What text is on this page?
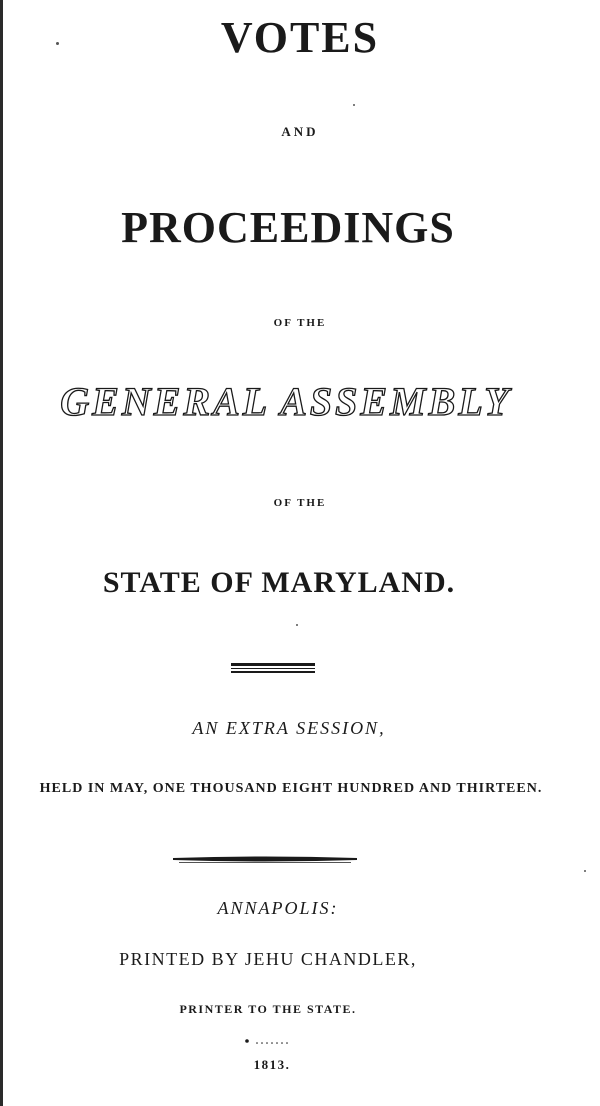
VOTES
AND
PROCEEDINGS
OF THE
GENERAL ASSEMBLY
OF THE
STATE OF MARYLAND.
AN EXTRA SESSION,
HELD IN MAY, ONE THOUSAND EIGHT HUNDRED AND THIRTEEN.
ANNAPOLIS:
PRINTED BY JEHU CHANDLER,
PRINTER TO THE STATE.
1813.
